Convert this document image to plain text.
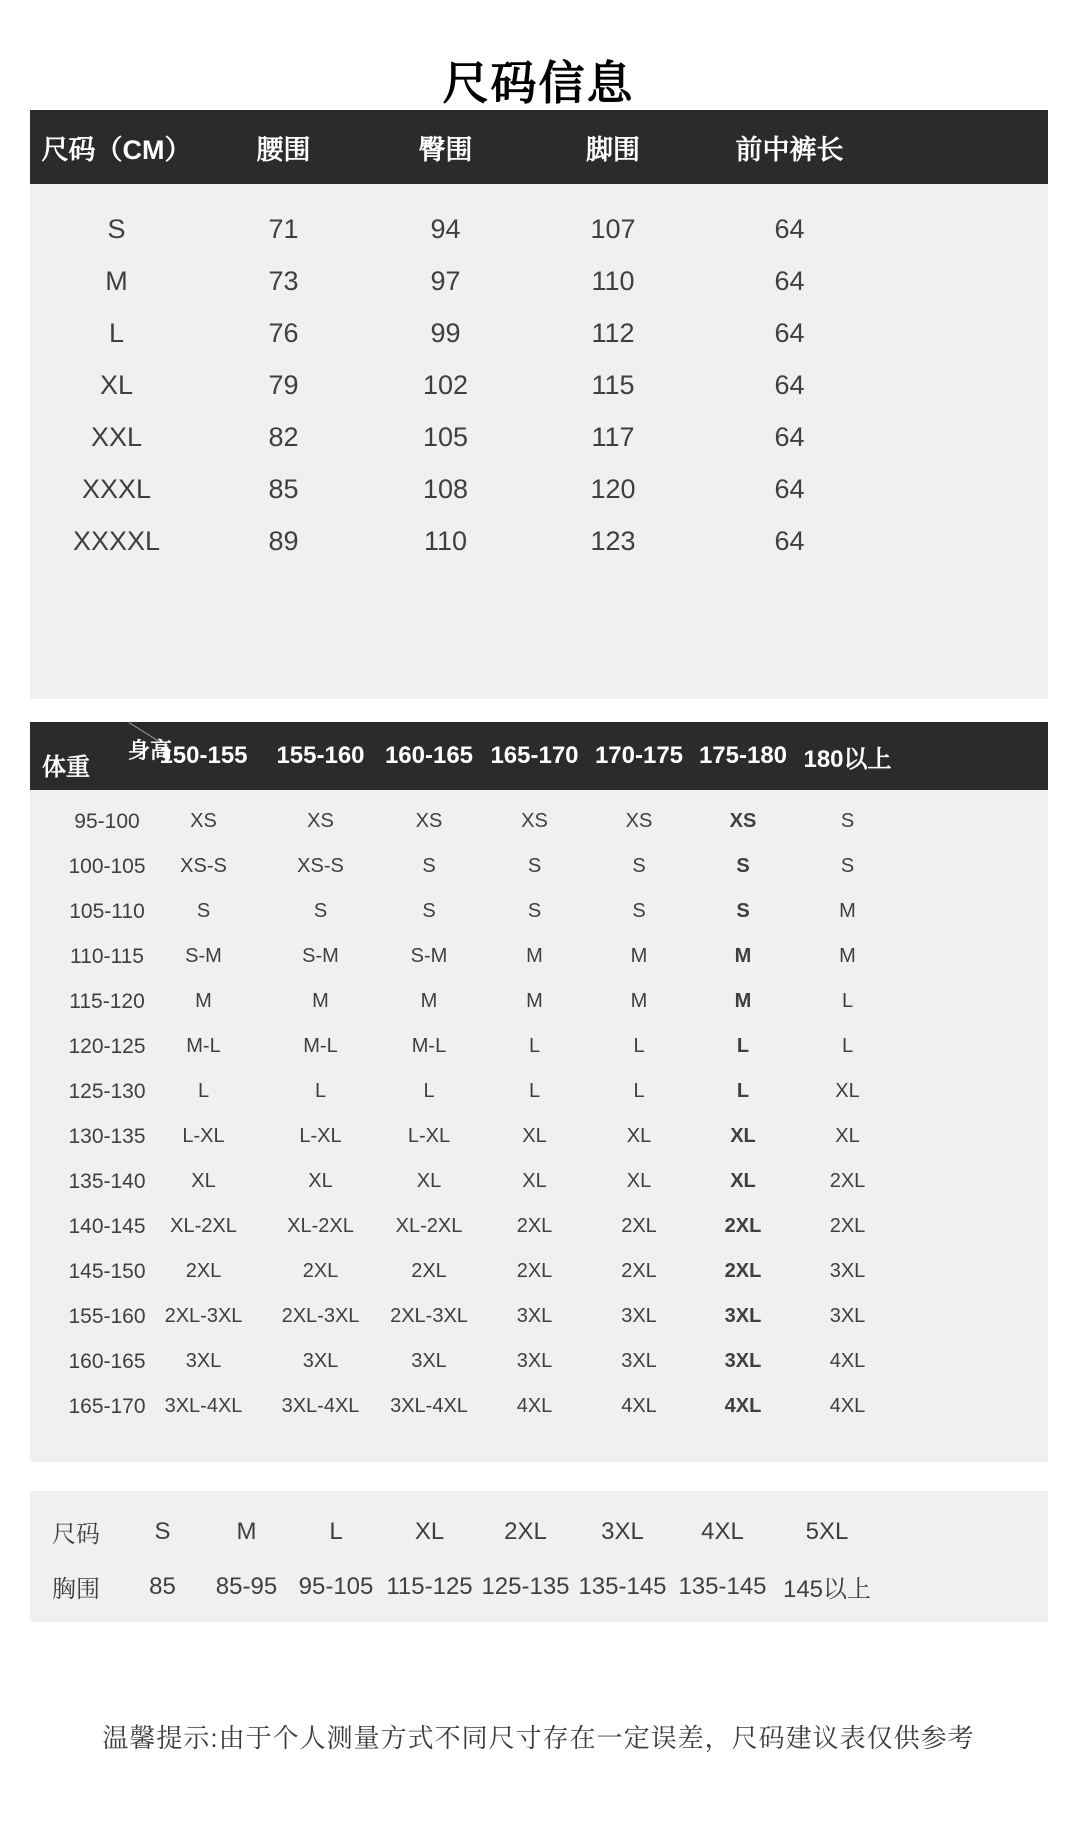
尺码信息
尺码（CM）	腰围	臀围	脚围	前中裤长
S	71	94	107	64
M	73	97	110	64
L	76	99	112	64
XL	79	102	115	64
XXL	82	105	117	64
XXXL	85	108	120	64
XXXXL	89	110	123	64
身高
体重	150-155	155-160 160-165 165-170 170-175 175-180 180以上
95-100	XS	XS	XS	XS	XS	XS	S
100-105	XS-S	XS-S	S	S	S	S	S
105-110	S	S	S	S	S	S	M
110-115	S-M	S-M	S-M	M	M	M	M
115-120	M	M	M	M	M	M	L
120-125	M-L	M-L	M-L	L	L	L	L
125-130	L	L	L	L	L	L	XL
130-135	L-XL	L-XL	L-XL	XL	XL	XL	XL
135-140	XL	XL	XL	XL	XL	XL	2XL
140-145	XL-2XL	XL-2XL	XL-2XL	2XL	2XL	2XL	2XL
145-150	2XL	2XL	2XL	2XL	2XL	2XL	3XL
155-160 2XL-3XL	2XL-3XL	2XL-3XL	3XL	3XL	3XL	3XL
160-165	3XL	3XL	3XL	3XL	3XL	3XL	4XL
165-170 3XL-4XL	3XL-4XL	3XL-4XL	4XL	4XL	4XL	4XL
尺码	S	M	L	XL	2XL	3XL	4XL	5XL
胸围	85	85-95 95-105 115-125 125-135 135-145 135-145 145以上

温馨提示:由于个人测量方式不同尺寸存在一定误差，尺码建议表仅供参考
